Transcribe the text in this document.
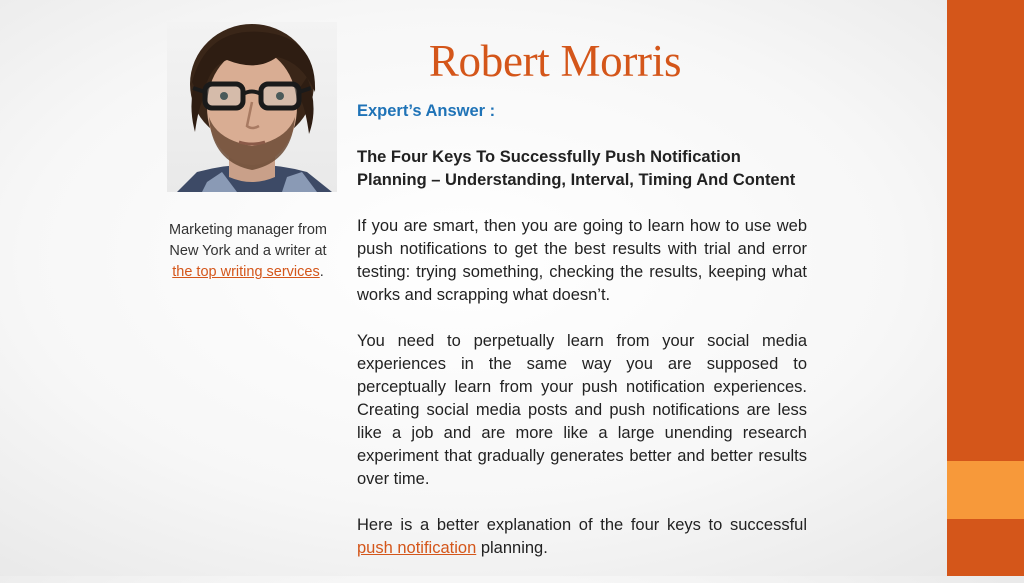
Marketing manager from New York and a writer at the top writing services.
Robert Morris

Expert’s Answer :

The Four Keys To Successfully Push Notification Planning – Understanding, Interval, Timing And Content

If you are smart, then you are going to learn how to use web push notifications to get the best results with trial and error testing: trying something, checking the results, keeping what works and scrapping what doesn’t.

You need to perpetually learn from your social media experiences in the same way you are supposed to perceptually learn from your push notification experiences. Creating social media posts and push notifications are less like a job and are more like a large unending research experiment that gradually generates better and better results over time.

Here is a better explanation of the four keys to successful push notification planning.
